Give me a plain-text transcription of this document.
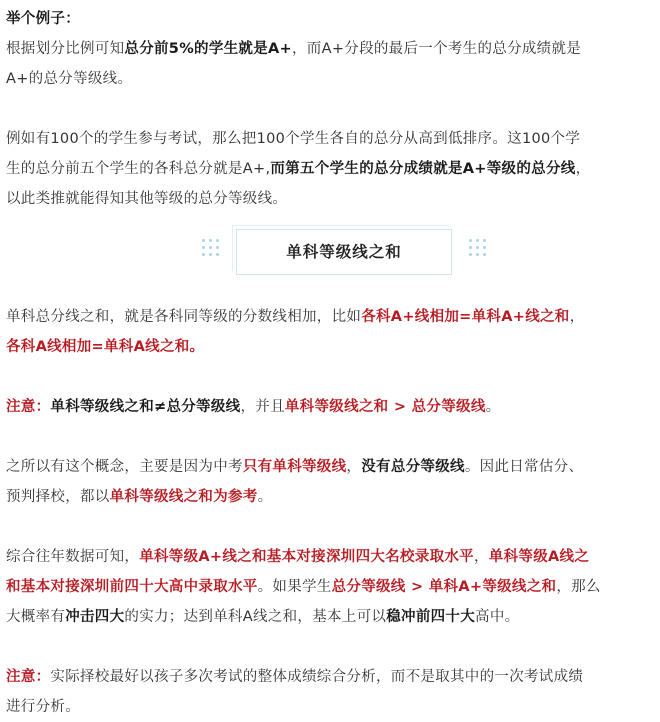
举个例子：

根据划分比例可知总分前5%的学生就是A+，而A+分段的最后一个考生的总分成绩就是
A+的总分等级线。

例如有100个的学生参与考试，那么把100个学生各自的总分从高到低排序。这100个学
生的总分前五个学生的各科总分就是A+,而第五个学生的总分成绩就是A+等级的总分线，
以此类推就能得知其他等级的总分等级线。

单科等级线之和

单科总分线之和，就是各科同等级的分数线相加，比如各科A+线相加=单科A+线之和，
各科A线相加=单科A线之和。

注意：单科等级线之和≠总分等级线，并且单科等级线之和 > 总分等级线。

之所以有这个概念，主要是因为中考只有单科等级线，没有总分等级线。因此日常估分、
预判择校，都以单科等级线之和为参考。

综合往年数据可知，单科等级A+线之和基本对接深圳四大名校录取水平，单科等级A线之
和基本对接深圳前四十大高中录取水平。如果学生总分等级线 > 单科A+等级线之和，那么
大概率有冲击四大的实力；达到单科A线之和，基本上可以稳冲前四十大高中。

注意：实际择校最好以孩子多次考试的整体成绩综合分析，而不是取其中的一次考试成绩
进行分析。
